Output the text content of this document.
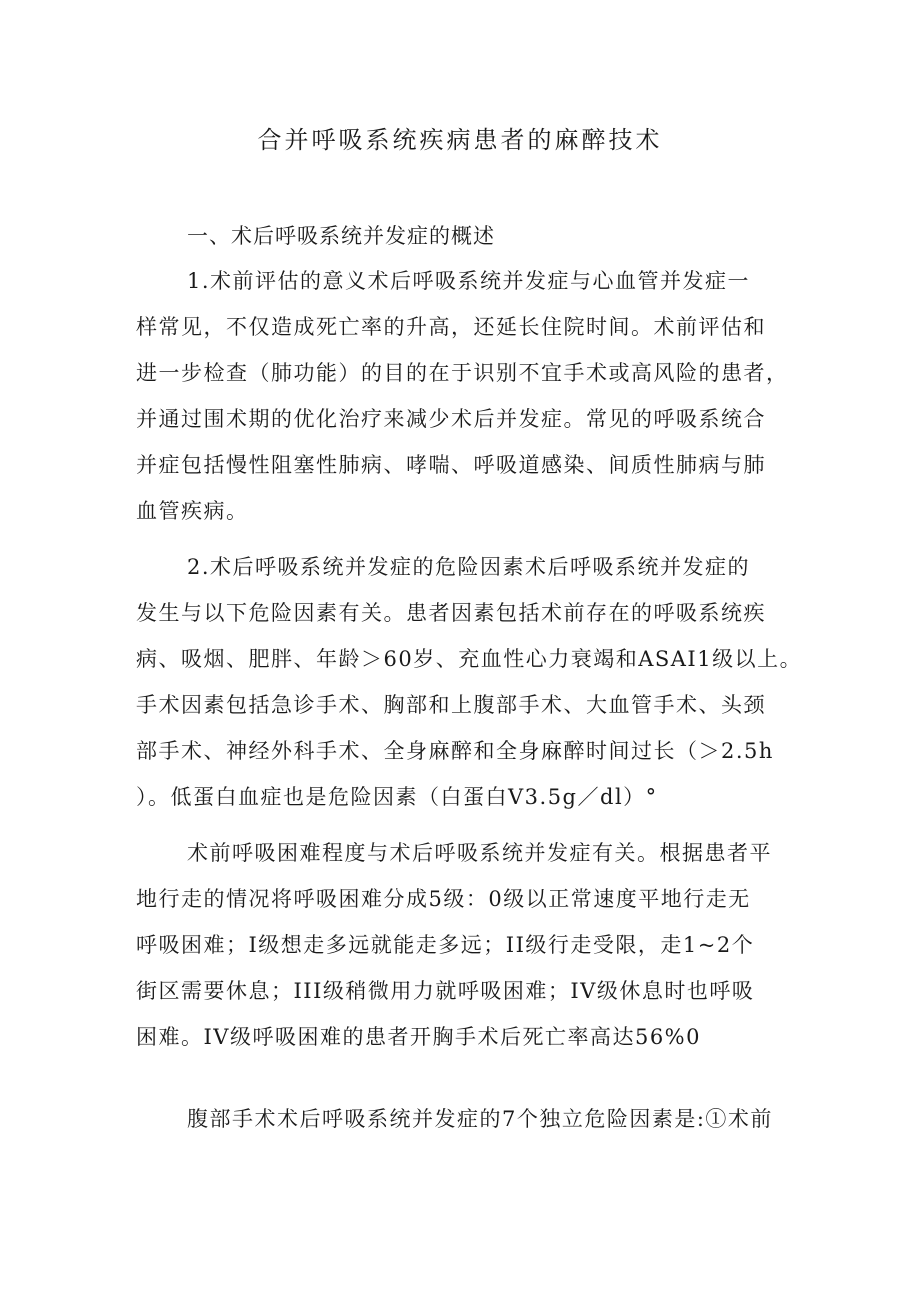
合并呼吸系统疾病患者的麻醉技术
一、术后呼吸系统并发症的概述
1.术前评估的意义术后呼吸系统并发症与心血管并发症一
样常见，不仅造成死亡率的升高，还延长住院时间。术前评估和
进一步检查（肺功能）的目的在于识别不宜手术或高风险的患者，
并通过围术期的优化治疗来减少术后并发症。常见的呼吸系统合
并症包括慢性阻塞性肺病、哮喘、呼吸道感染、间质性肺病与肺
血管疾病。
2.术后呼吸系统并发症的危险因素术后呼吸系统并发症的
发生与以下危险因素有关。患者因素包括术前存在的呼吸系统疾
病、吸烟、肥胖、年龄＞60岁、充血性心力衰竭和ASAI1级以上。
手术因素包括急诊手术、胸部和上腹部手术、大血管手术、头颈
部手术、神经外科手术、全身麻醉和全身麻醉时间过长（＞2.5h
）。低蛋白血症也是危险因素（白蛋白V3.5g／dl）°
术前呼吸困难程度与术后呼吸系统并发症有关。根据患者平
地行走的情况将呼吸困难分成5级：0级以正常速度平地行走无
呼吸困难；I级想走多远就能走多远；II级行走受限，走1~2个
街区需要休息；III级稍微用力就呼吸困难；IV级休息时也呼吸
困难。IV级呼吸困难的患者开胸手术后死亡率高达56%0
腹部手术术后呼吸系统并发症的7个独立危险因素是:①术前
